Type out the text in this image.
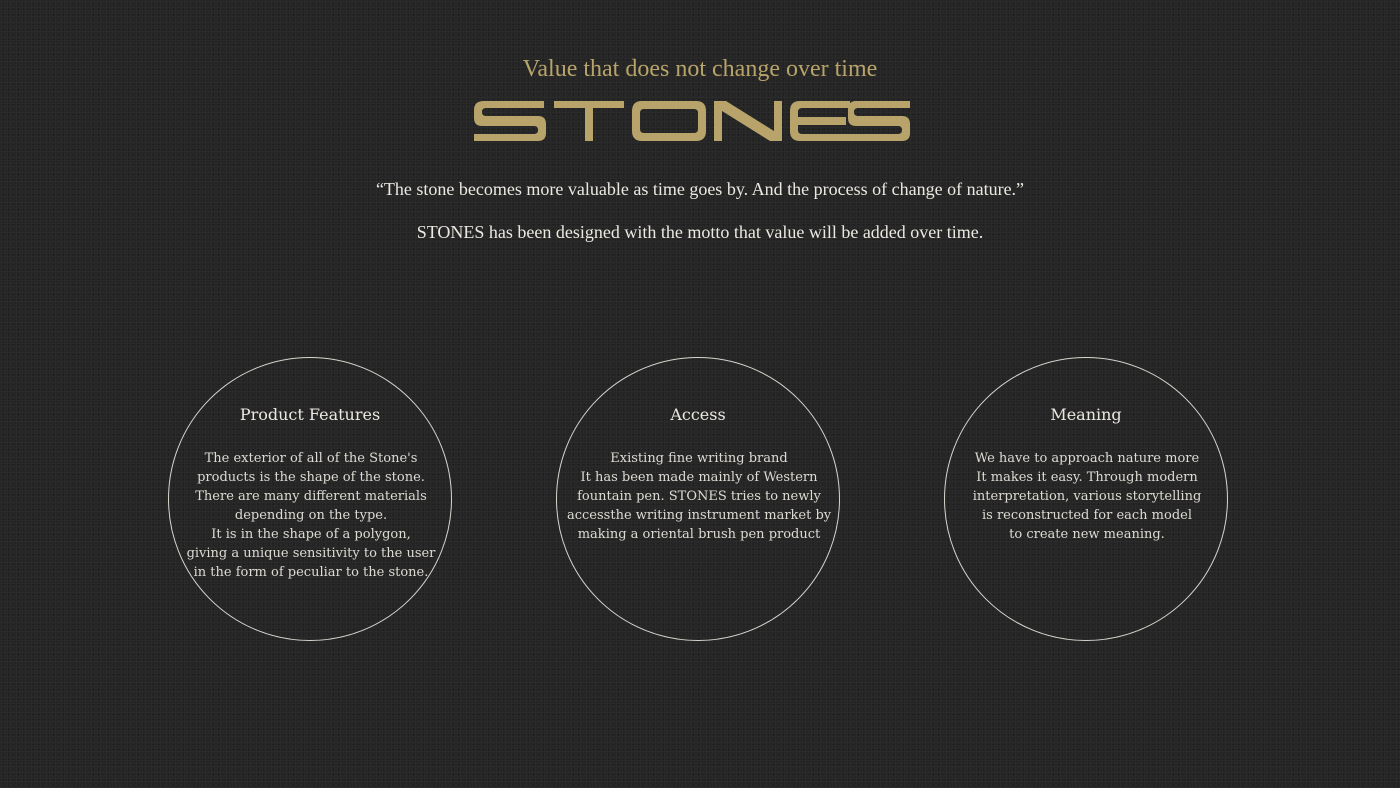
Value that does not change over time
“The stone becomes more valuable as time goes by. And the process of change of nature.”
STONES has been designed with the motto that value will be added over time.
Product Features
The exterior of all of the Stone's
products is the shape of the stone.
There are many different materials
depending on the type.
It is in the shape of a polygon,
giving a unique sensitivity to the user
in the form of peculiar to the stone.
Access
Existing fine writing brand
It has been made mainly of Western
fountain pen. STONES tries to newly
accessthe writing instrument market by
making a oriental brush pen product
Meaning
We have to approach nature more
It makes it easy. Through modern
interpretation, various storytelling
is reconstructed for each model
to create new meaning.
